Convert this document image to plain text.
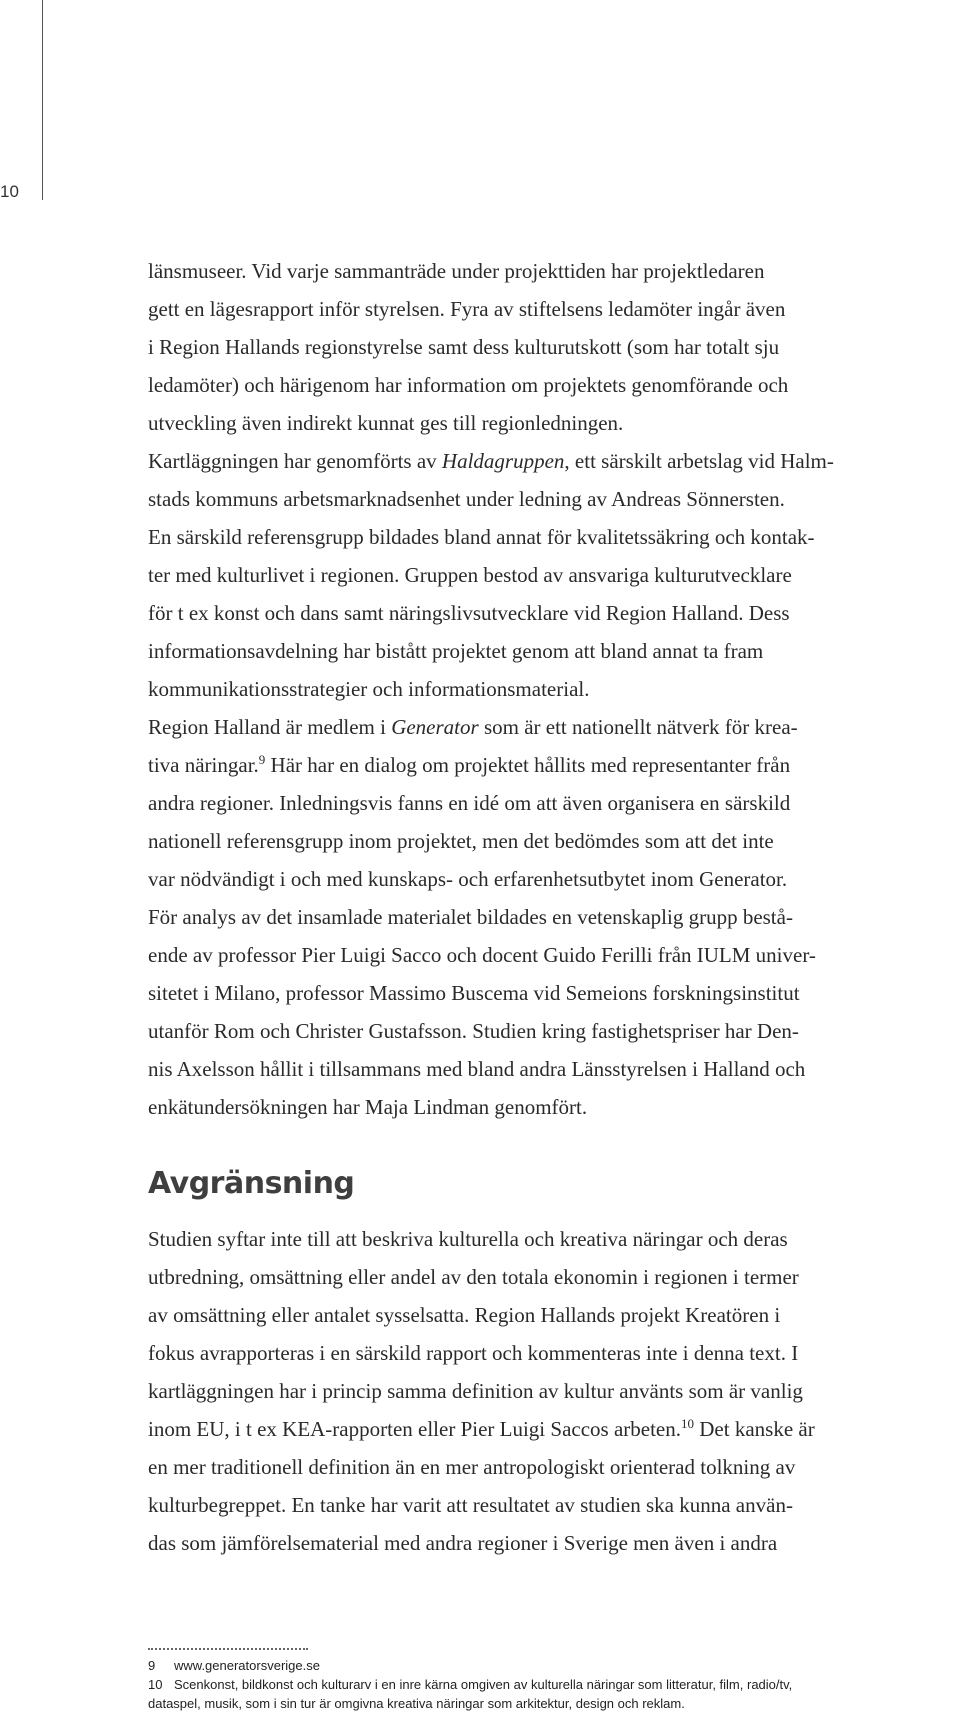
10
länsmuseer. Vid varje sammanträde under projekttiden har projektledaren
gett en lägesrapport inför styrelsen. Fyra av stiftelsens ledamöter ingår även
i Region Hallands regionstyrelse samt dess kulturutskott (som har totalt sju
ledamöter) och härigenom har information om projektets genomförande och
utveckling även indirekt kunnat ges till regionledningen.
Kartläggningen har genomförts av Haldagruppen, ett särskilt arbetslag vid Halm-
stads kommuns arbetsmarknadsenhet under ledning av Andreas Sönnersten.
En särskild referensgrupp bildades bland annat för kvalitetssäkring och kontak-
ter med kulturlivet i regionen. Gruppen bestod av ansvariga kulturutvecklare
för t ex konst och dans samt näringslivsutvecklare vid Region Halland. Dess
informationsavdelning har bistått projektet genom att bland annat ta fram
kommunikationsstrategier och informationsmaterial.
Region Halland är medlem i Generator som är ett nationellt nätverk för krea-
tiva näringar.$^9$ Här har en dialog om projektet hållits med representanter från
andra regioner. Inledningsvis fanns en idé om att även organisera en särskild
nationell referensgrupp inom projektet, men det bedömdes som att det inte
var nödvändigt i och med kunskaps- och erfarenhetsutbytet inom Generator.
För analys av det insamlade materialet bildades en vetenskaplig grupp bestå-
ende av professor Pier Luigi Sacco och docent Guido Ferilli från IULM univer-
sitetet i Milano, professor Massimo Buscema vid Semeions forskningsinstitut
utanför Rom och Christer Gustafsson. Studien kring fastighetspriser har Den-
nis Axelsson hållit i tillsammans med bland andra Länsstyrelsen i Halland och
enkätundersökningen har Maja Lindman genomfört.
Avgränsning
Studien syftar inte till att beskriva kulturella och kreativa näringar och deras
utbredning, omsättning eller andel av den totala ekonomin i regionen i termer
av omsättning eller antalet sysselsatta. Region Hallands projekt Kreatören i
fokus avrapporteras i en särskild rapport och kommenteras inte i denna text. I
kartläggningen har i princip samma definition av kultur använts som är vanlig
inom EU, i t ex KEA-rapporten eller Pier Luigi Saccos arbeten.$^{10}$ Det kanske är
en mer traditionell definition än en mer antropologiskt orienterad tolkning av
kulturbegreppet. En tanke har varit att resultatet av studien ska kunna använ-
das som jämförelsematerial med andra regioner i Sverige men även i andra
9 www.generatorsverige.se
10 Scenkonst, bildkonst och kulturarv i en inre kärna omgiven av kulturella näringar som litteratur, film, radio/tv,
dataspel, musik, som i sin tur är omgivna kreativa näringar som arkitektur, design och reklam.
